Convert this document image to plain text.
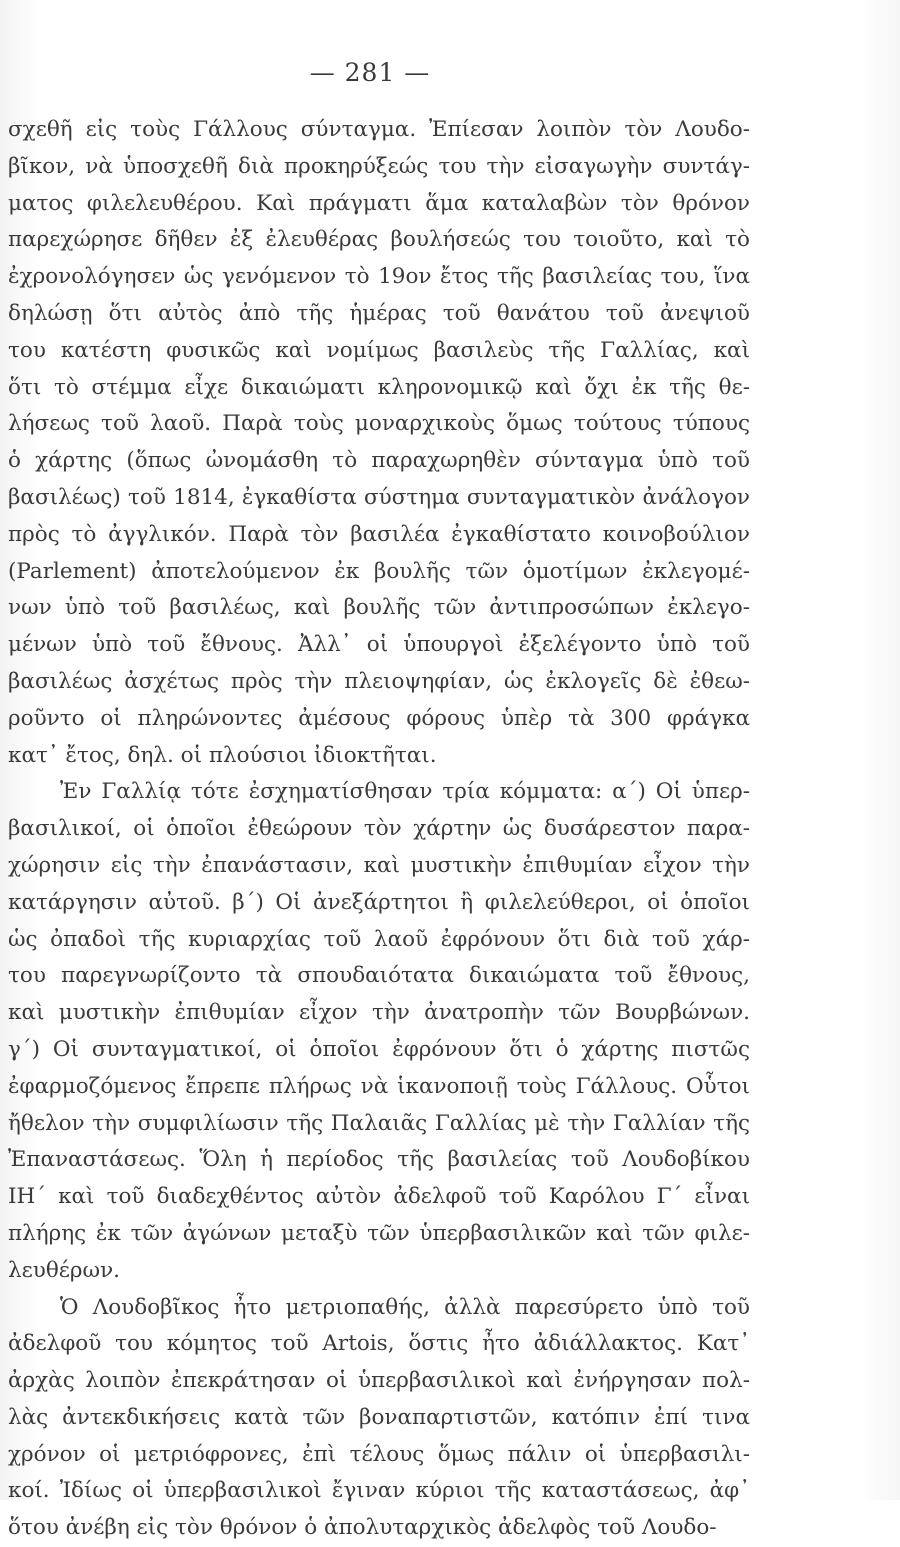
— 281 —
σχεθῆ εἰς τοὺς Γάλλους σύνταγμα. Ἐπίεσαν λοιπὸν τὸν Λουδο-
βῖκον, νὰ ὑποσχεθῆ διὰ προκηρύξεώς του τὴν εἰσαγωγὴν συντάγ-
ματος φιλελευθέρου. Καὶ πράγματι ἅμα καταλαβὼν τὸν θρόνον
παρεχώρησε δῆθεν ἐξ ἐλευθέρας βουλήσεώς του τοιοῦτο, καὶ τὸ
ἐχρονολόγησεν ὡς γενόμενον τὸ 19ον ἔτος τῆς βασιλείας του, ἵνα
δηλώσῃ ὅτι αὐτὸς ἀπὸ τῆς ἡμέρας τοῦ θανάτου τοῦ ἀνεψιοῦ
του κατέστη φυσικῶς καὶ νομίμως βασιλεὺς τῆς Γαλλίας, καὶ
ὅτι τὸ στέμμα εἶχε δικαιώματι κληρονομικῷ καὶ ὄχι ἐκ τῆς θε-
λήσεως τοῦ λαοῦ. Παρὰ τοὺς μοναρχικοὺς ὅμως τούτους τύπους
ὁ χάρτης (ὅπως ὠνομάσθη τὸ παραχωρηθὲν σύνταγμα ὑπὸ τοῦ
βασιλέως) τοῦ 1814, ἐγκαθίστα σύστημα συνταγματικὸν ἀνάλογον
πρὸς τὸ ἀγγλικόν. Παρὰ τὸν βασιλέα ἐγκαθίστατο κοινοβούλιον
(Parlement) ἀποτελούμενον ἐκ βουλῆς τῶν ὁμοτίμων ἐκλεγομέ-
νων ὑπὸ τοῦ βασιλέως, καὶ βουλῆς τῶν ἀντιπροσώπων ἐκλεγο-
μένων ὑπὸ τοῦ ἔθνους. Ἀλλ᾽ οἱ ὑπουργοὶ ἐξελέγοντο ὑπὸ τοῦ
βασιλέως ἀσχέτως πρὸς τὴν πλειοψηφίαν, ὡς ἐκλογεῖς δὲ ἐθεω-
ροῦντο οἱ πληρώνοντες ἀμέσους φόρους ὑπὲρ τὰ 300 φράγκα
κατ᾽ ἔτος, δηλ. οἱ πλούσιοι ἰδιοκτῆται.
Ἐν Γαλλίᾳ τότε ἐσχηματίσθησαν τρία κόμματα: α΄) Οἱ ὑπερ-
βασιλικοί, οἱ ὁποῖοι ἐθεώρουν τὸν χάρτην ὡς δυσάρεστον παρα-
χώρησιν εἰς τὴν ἐπανάστασιν, καὶ μυστικὴν ἐπιθυμίαν εἶχον τὴν
κατάργησιν αὐτοῦ. β΄) Οἱ ἀνεξάρτητοι ἢ φιλελεύθεροι, οἱ ὁποῖοι
ὡς ὀπαδοὶ τῆς κυριαρχίας τοῦ λαοῦ ἐφρόνουν ὅτι διὰ τοῦ χάρ-
του παρεγνωρίζοντο τὰ σπουδαιότατα δικαιώματα τοῦ ἔθνους,
καὶ μυστικὴν ἐπιθυμίαν εἶχον τὴν ἀνατροπὴν τῶν Βουρβώνων.
γ΄) Οἱ συνταγματικοί, οἱ ὁποῖοι ἐφρόνουν ὅτι ὁ χάρτης πιστῶς
ἐφαρμοζόμενος ἔπρεπε πλήρως νὰ ἱκανοποιῇ τοὺς Γάλλους. Οὗτοι
ἤθελον τὴν συμφιλίωσιν τῆς Παλαιᾶς Γαλλίας μὲ τὴν Γαλλίαν τῆς
Ἐπαναστάσεως. Ὅλη ἡ περίοδος τῆς βασιλείας τοῦ Λουδοβίκου
ΙΗ΄ καὶ τοῦ διαδεχθέντος αὐτὸν ἀδελφοῦ τοῦ Καρόλου Γ΄ εἶναι
πλήρης ἐκ τῶν ἀγώνων μεταξὺ τῶν ὑπερβασιλικῶν καὶ τῶν φιλε-
λευθέρων.
Ὁ Λουδοβῖκος ἦτο μετριοπαθής, ἀλλὰ παρεσύρετο ὑπὸ τοῦ
ἀδελφοῦ του κόμητος τοῦ Artois, ὅστις ἦτο ἀδιάλλακτος. Κατ᾽
ἀρχὰς λοιπὸν ἐπεκράτησαν οἱ ὑπερβασιλικοὶ καὶ ἐνήργησαν πολ-
λὰς ἀντεκδικήσεις κατὰ τῶν βοναπαρτιστῶν, κατόπιν ἐπί τινα
χρόνον οἱ μετριόφρονες, ἐπὶ τέλους ὅμως πάλιν οἱ ὑπερβασιλι-
κοί. Ἰδίως οἱ ὑπερβασιλικοὶ ἔγιναν κύριοι τῆς καταστάσεως, ἀφ᾽
ὅτου ἀνέβη εἰς τὸν θρόνον ὁ ἀπολυταρχικὸς ἀδελφὸς τοῦ Λουδο-
